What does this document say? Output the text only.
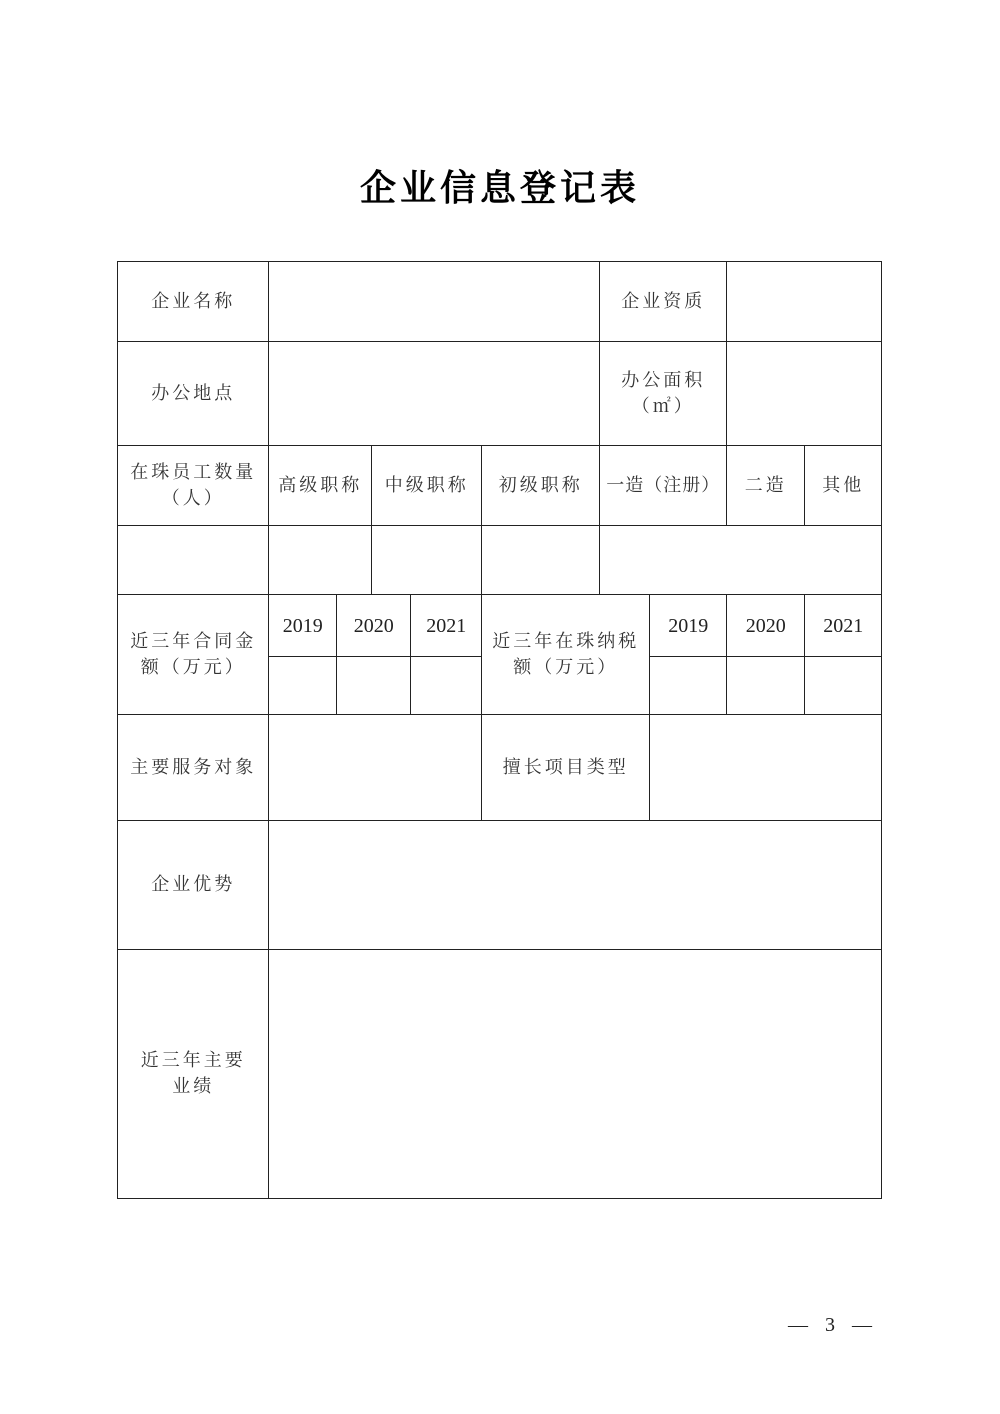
企业信息登记表
企业名称	企业资质
办公地点
办公面积
（㎡）
在珠员工数量
（人）
高级职称 中级职称 初级职称 一造（注册） 二造 其他
近三年合同金
额（万元）
2019 2020 2021
近三年在珠纳税
额（万元）
2019 2020 2021
主要服务对象	擅长项目类型
企业优势
近三年主要
业绩
— 3 —
